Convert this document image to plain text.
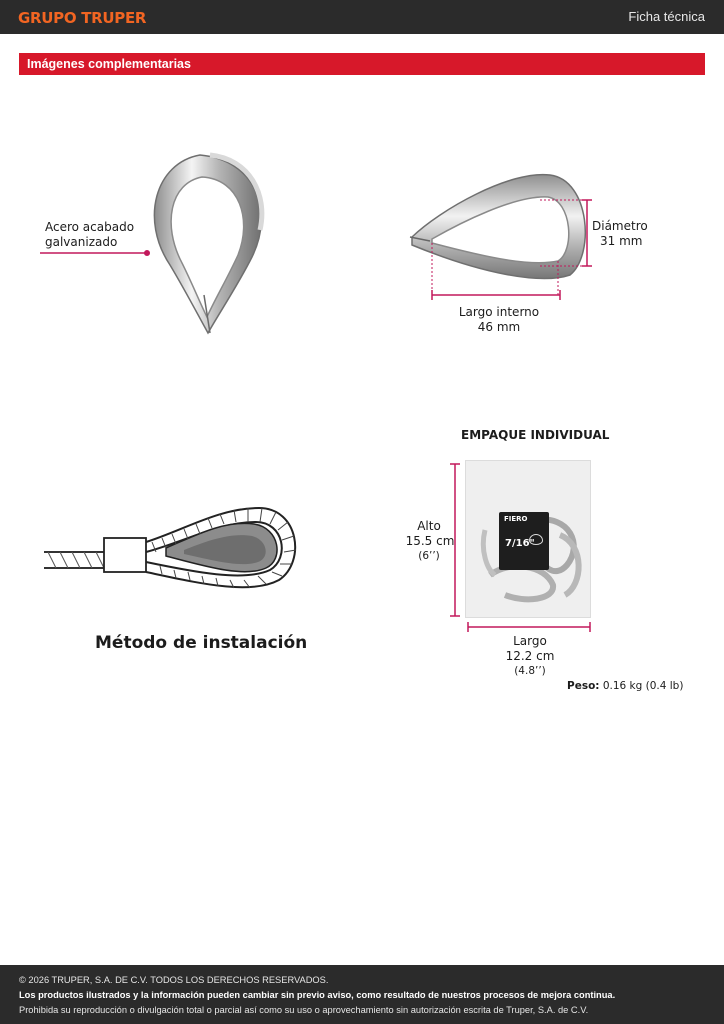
GRUPO TRUPER	Ficha técnica
Imágenes complementarias
Acero acabado
galvanizado
Diámetro
31 mm
Largo interno
46 mm
Método de instalación
EMPAQUE INDIVIDUAL
FIERO
7/16"
Alto
15.5 cm
(6’’)
Largo
12.2 cm
(4.8’’)
Peso: 0.16 kg (0.4 lb)
© 2026 TRUPER, S.A. DE C.V. TODOS LOS DERECHOS RESERVADOS.
Los productos ilustrados y la información pueden cambiar sin previo aviso, como resultado de nuestros procesos de mejora continua.
Prohibida su reproducción o divulgación total o parcial así como su uso o aprovechamiento sin autorización escrita de Truper, S.A. de C.V.
